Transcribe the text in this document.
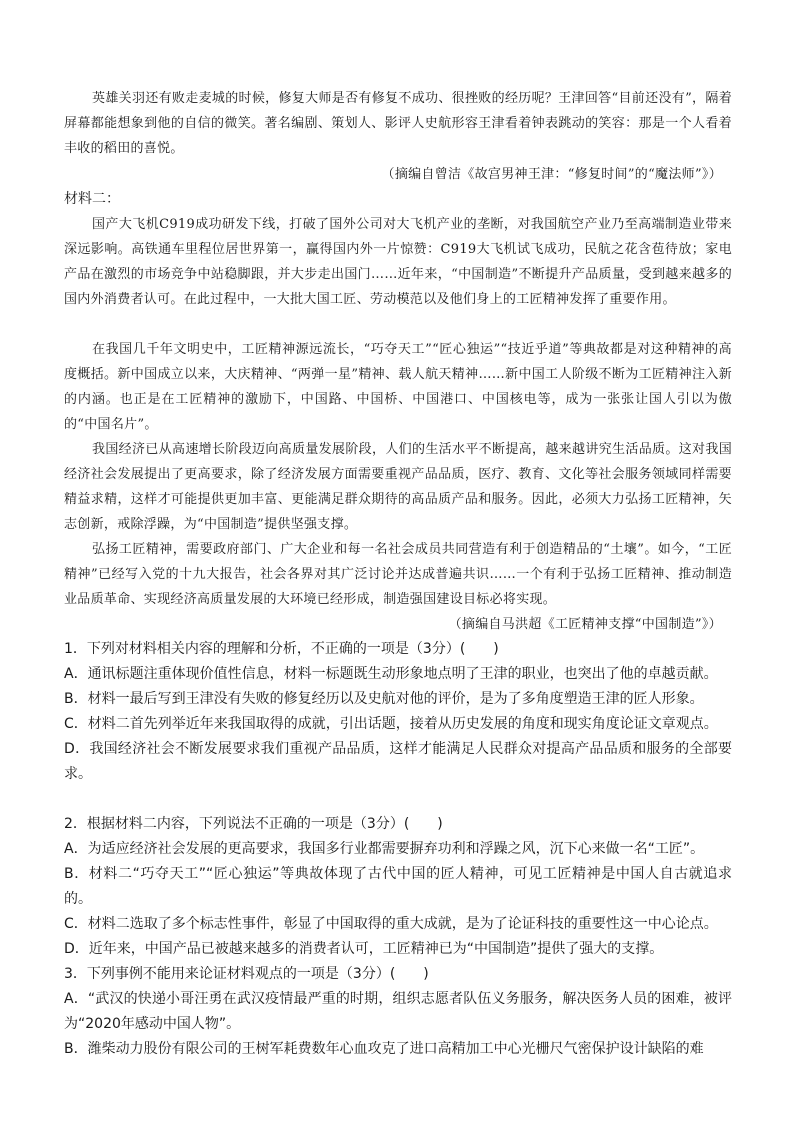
英雄关羽还有败走麦城的时候，修复大师是否有修复不成功、很挫败的经历呢？王津回答“目前还没有”，隔着屏幕都能想象到他的自信的微笑。著名编剧、策划人、影评人史航形容王津看着钟表跳动的笑容：那是一个人看着丰收的稻田的喜悦。

（摘编自曾洁《故宫男神王津：“修复时间”的“魔法师”》）
材料二：

国产大飞机C919成功研发下线，打破了国外公司对大飞机产业的垄断，对我国航空产业乃至高端制造业带来深远影响。高铁通车里程位居世界第一，赢得国内外一片惊赞：C919大飞机试飞成功，民航之花含苞待放；家电产品在激烈的市场竞争中站稳脚跟，并大步走出国门……近年来，“中国制造”不断提升产品质量，受到越来越多的国内外消费者认可。在此过程中，一大批大国工匠、劳动模范以及他们身上的工匠精神发挥了重要作用。

在我国几千年文明史中，工匠精神源远流长，“巧夺天工”“匠心独运”“技近乎道”等典故都是对这种精神的高度概括。新中国成立以来，大庆精神、“两弹一星”精神、载人航天精神……新中国工人阶级不断为工匠精神注入新的内涵。也正是在工匠精神的激励下，中国路、中国桥、中国港口、中国核电等，成为一张张让国人引以为傲的“中国名片”。

我国经济已从高速增长阶段迈向高质量发展阶段，人们的生活水平不断提高，越来越讲究生活品质。这对我国经济社会发展提出了更高要求，除了经济发展方面需要重视产品品质，医疗、教育、文化等社会服务领域同样需要精益求精，这样才可能提供更加丰富、更能满足群众期待的高品质产品和服务。因此，必须大力弘扬工匠精神，矢志创新，戒除浮躁，为“中国制造”提供坚强支撑。

弘扬工匠精神，需要政府部门、广大企业和每一名社会成员共同营造有利于创造精品的“土壤”。如今，“工匠精神”已经写入党的十九大报告，社会各界对其广泛讨论并达成普遍共识……一个有利于弘扬工匠精神、推动制造业品质革命、实现经济高质量发展的大环境已经形成，制造强国建设目标必将实现。

（摘编自马洪超《工匠精神支撑“中国制造”》）
1．下列对材料相关内容的理解和分析，不正确的一项是（3分）(　　)
A．通讯标题注重体现价值性信息，材料一标题既生动形象地点明了王津的职业，也突出了他的卓越贡献。
B．材料一最后写到王津没有失败的修复经历以及史航对他的评价，是为了多角度塑造王津的匠人形象。
C．材料二首先列举近年来我国取得的成就，引出话题，接着从历史发展的角度和现实角度论证文章观点。

D．我国经济社会不断发展要求我们重视产品品质，这样才能满足人民群众对提高产品品质和服务的全部要求。

2．根据材料二内容，下列说法不正确的一项是（3分）(　　)
A．为适应经济社会发展的更高要求，我国多行业都需要摒弃功利和浮躁之风，沉下心来做一名“工匠”。

B．材料二“巧夺天工”“匠心独运”等典故体现了古代中国的匠人精神，可见工匠精神是中国人自古就追求的。

C．材料二选取了多个标志性事件，彰显了中国取得的重大成就，是为了论证科技的重要性这一中心论点。
D．近年来，中国产品已被越来越多的消费者认可，工匠精神已为“中国制造”提供了强大的支撑。
3．下列事例不能用来论证材料观点的一项是（3分）(　　)

A．“武汉的快递小哥汪勇在武汉疫情最严重的时期，组织志愿者队伍义务服务，解决医务人员的困难，被评为“2020年感动中国人物”。

B．潍柴动力股份有限公司的王树军耗费数年心血攻克了进口高精加工中心光栅尺气密保护设计缺陷的难
